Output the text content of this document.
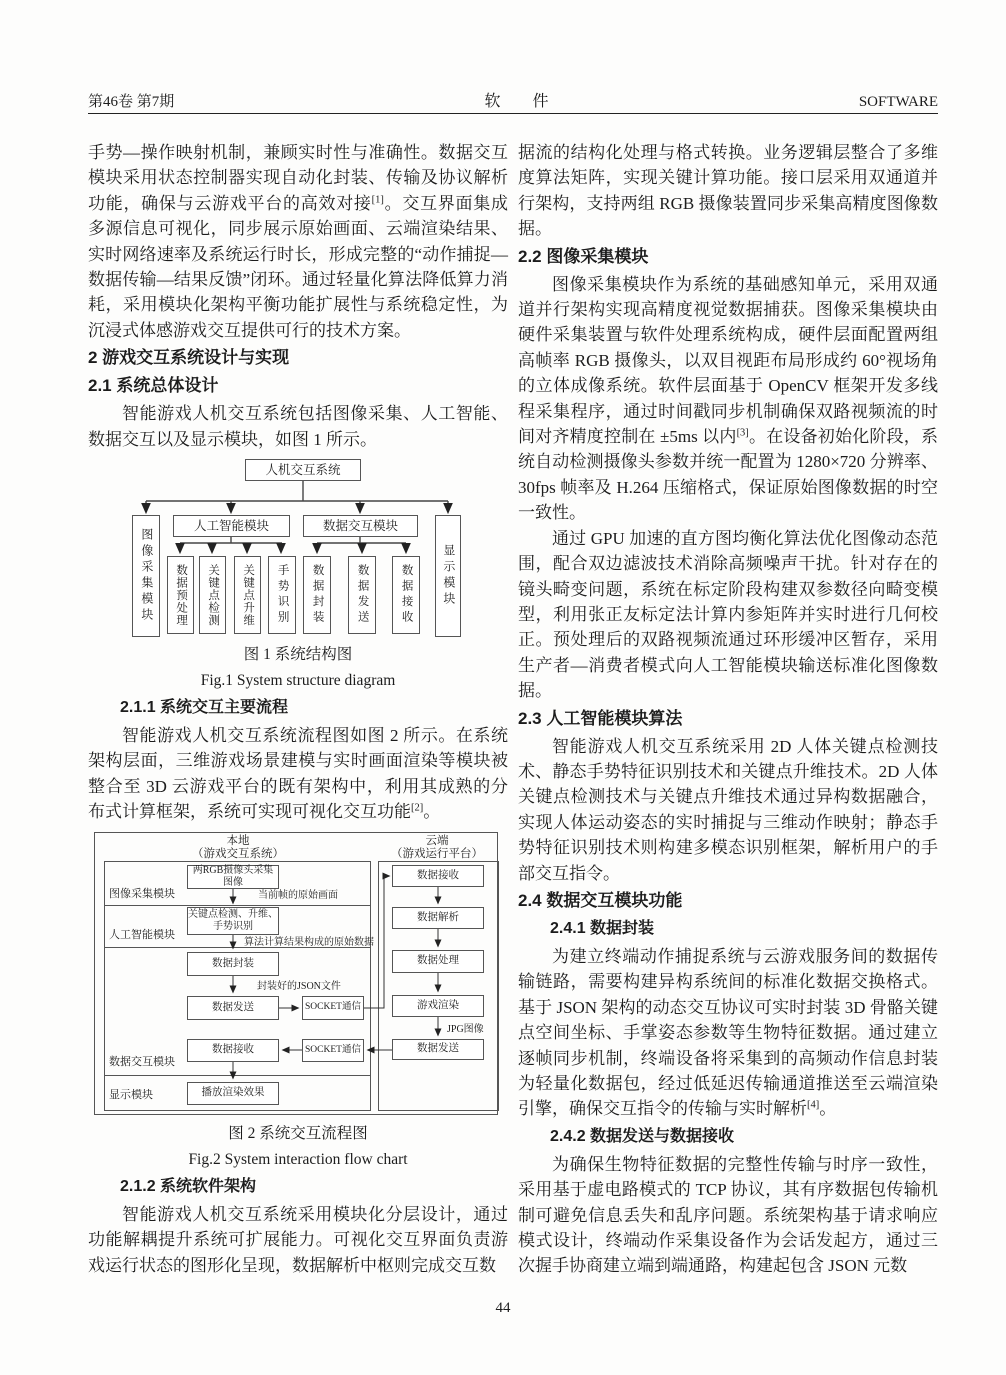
第46卷 第7期	软　　件	SOFTWARE

手势—操作映射机制，兼顾实时性与准确性。数据交互模块采用状态控制器实现自动化封装、传输及协议解析功能，确保与云游戏平台的高效对接[1]。交互界面集成多源信息可视化，同步展示原始画面、云端渲染结果、实时网络速率及系统运行时长，形成完整的“动作捕捉—数据传输—结果反馈”闭环。通过轻量化算法降低算力消耗，采用模块化架构平衡功能扩展性与系统稳定性，为沉浸式体感游戏交互提供可行的技术方案。

2 游戏交互系统设计与实现
2.1 系统总体设计

智能游戏人机交互系统包括图像采集、人工智能、数据交互以及显示模块，如图 1 所示。

人机交互系统
图像采集模块
人工智能模块	数据交互模块
显示模块
数据预处理	关键点检测	关键点升维	手势识别	数据封装	数据发送	数据接收

图 1 系统结构图

Fig.1 System structure diagram

2.1.1 系统交互主要流程

智能游戏人机交互系统流程图如图 2 所示。在系统架构层面，三维游戏场景建模与实时画面渲染等模块被整合至 3D 云游戏平台的既有架构中，利用其成熟的分布式计算框架，系统可实现可视化交互功能[2]。

本地
（游戏交互系统）
云端
（游戏运行平台）
图像采集模块
人工智能模块
数据交互模块
显示模块
两RGB摄像头采集图像
关键点检测、升维、
手势识别
数据封装
数据发送
数据接收
播放渲染效果
SOCKET通信
SOCKET通信
数据接收
数据解析
数据处理
游戏渲染
数据发送
当前帧的原始画面
算法计算结果构成的原始数据
封装好的JSON文件
JPG图像

图 2 系统交互流程图

Fig.2 System interaction flow chart

2.1.2 系统软件架构

智能游戏人机交互系统采用模块化分层设计，通过功能解耦提升系统可扩展能力。可视化交互界面负责游戏运行状态的图形化呈现，数据解析中枢则完成交互数

据流的结构化处理与格式转换。业务逻辑层整合了多维度算法矩阵，实现关键计算功能。接口层采用双通道并行架构，支持两组 RGB 摄像装置同步采集高精度图像数据。

2.2 图像采集模块

图像采集模块作为系统的基础感知单元，采用双通道并行架构实现高精度视觉数据捕获。图像采集模块由硬件采集装置与软件处理系统构成，硬件层面配置两组高帧率 RGB 摄像头，以双目视距布局形成约 60°视场角的立体成像系统。软件层面基于 OpenCV 框架开发多线程采集程序，通过时间戳同步机制确保双路视频流的时间对齐精度控制在 ±5ms 以内[3]。在设备初始化阶段，系统自动检测摄像头参数并统一配置为 1280×720 分辨率、30fps 帧率及 H.264 压缩格式，保证原始图像数据的时空一致性。

通过 GPU 加速的直方图均衡化算法优化图像动态范围，配合双边滤波技术消除高频噪声干扰。针对存在的镜头畸变问题，系统在标定阶段构建双参数径向畸变模型，利用张正友标定法计算内参矩阵并实时进行几何校正。预处理后的双路视频流通过环形缓冲区暂存，采用生产者—消费者模式向人工智能模块输送标准化图像数据。

2.3 人工智能模块算法

智能游戏人机交互系统采用 2D 人体关键点检测技术、静态手势特征识别技术和关键点升维技术。2D 人体关键点检测技术与关键点升维技术通过异构数据融合，实现人体运动姿态的实时捕捉与三维动作映射；静态手势特征识别技术则构建多模态识别框架，解析用户的手部交互指令。

2.4 数据交互模块功能
2.4.1 数据封装

为建立终端动作捕捉系统与云游戏服务间的数据传输链路，需要构建异构系统间的标准化数据交换格式。基于 JSON 架构的动态交互协议可实时封装 3D 骨骼关键点空间坐标、手掌姿态参数等生物特征数据。通过建立逐帧同步机制，终端设备将采集到的高频动作信息封装为轻量化数据包，经过低延迟传输通道推送至云端渲染引擎，确保交互指令的传输与实时解析[4]。

2.4.2 数据发送与数据接收

为确保生物特征数据的完整性传输与时序一致性，采用基于虚电路模式的 TCP 协议，其有序数据包传输机制可避免信息丢失和乱序问题。系统架构基于请求响应模式设计，终端动作采集设备作为会话发起方，通过三次握手协商建立端到端通路，构建起包含 JSON 元数

44
